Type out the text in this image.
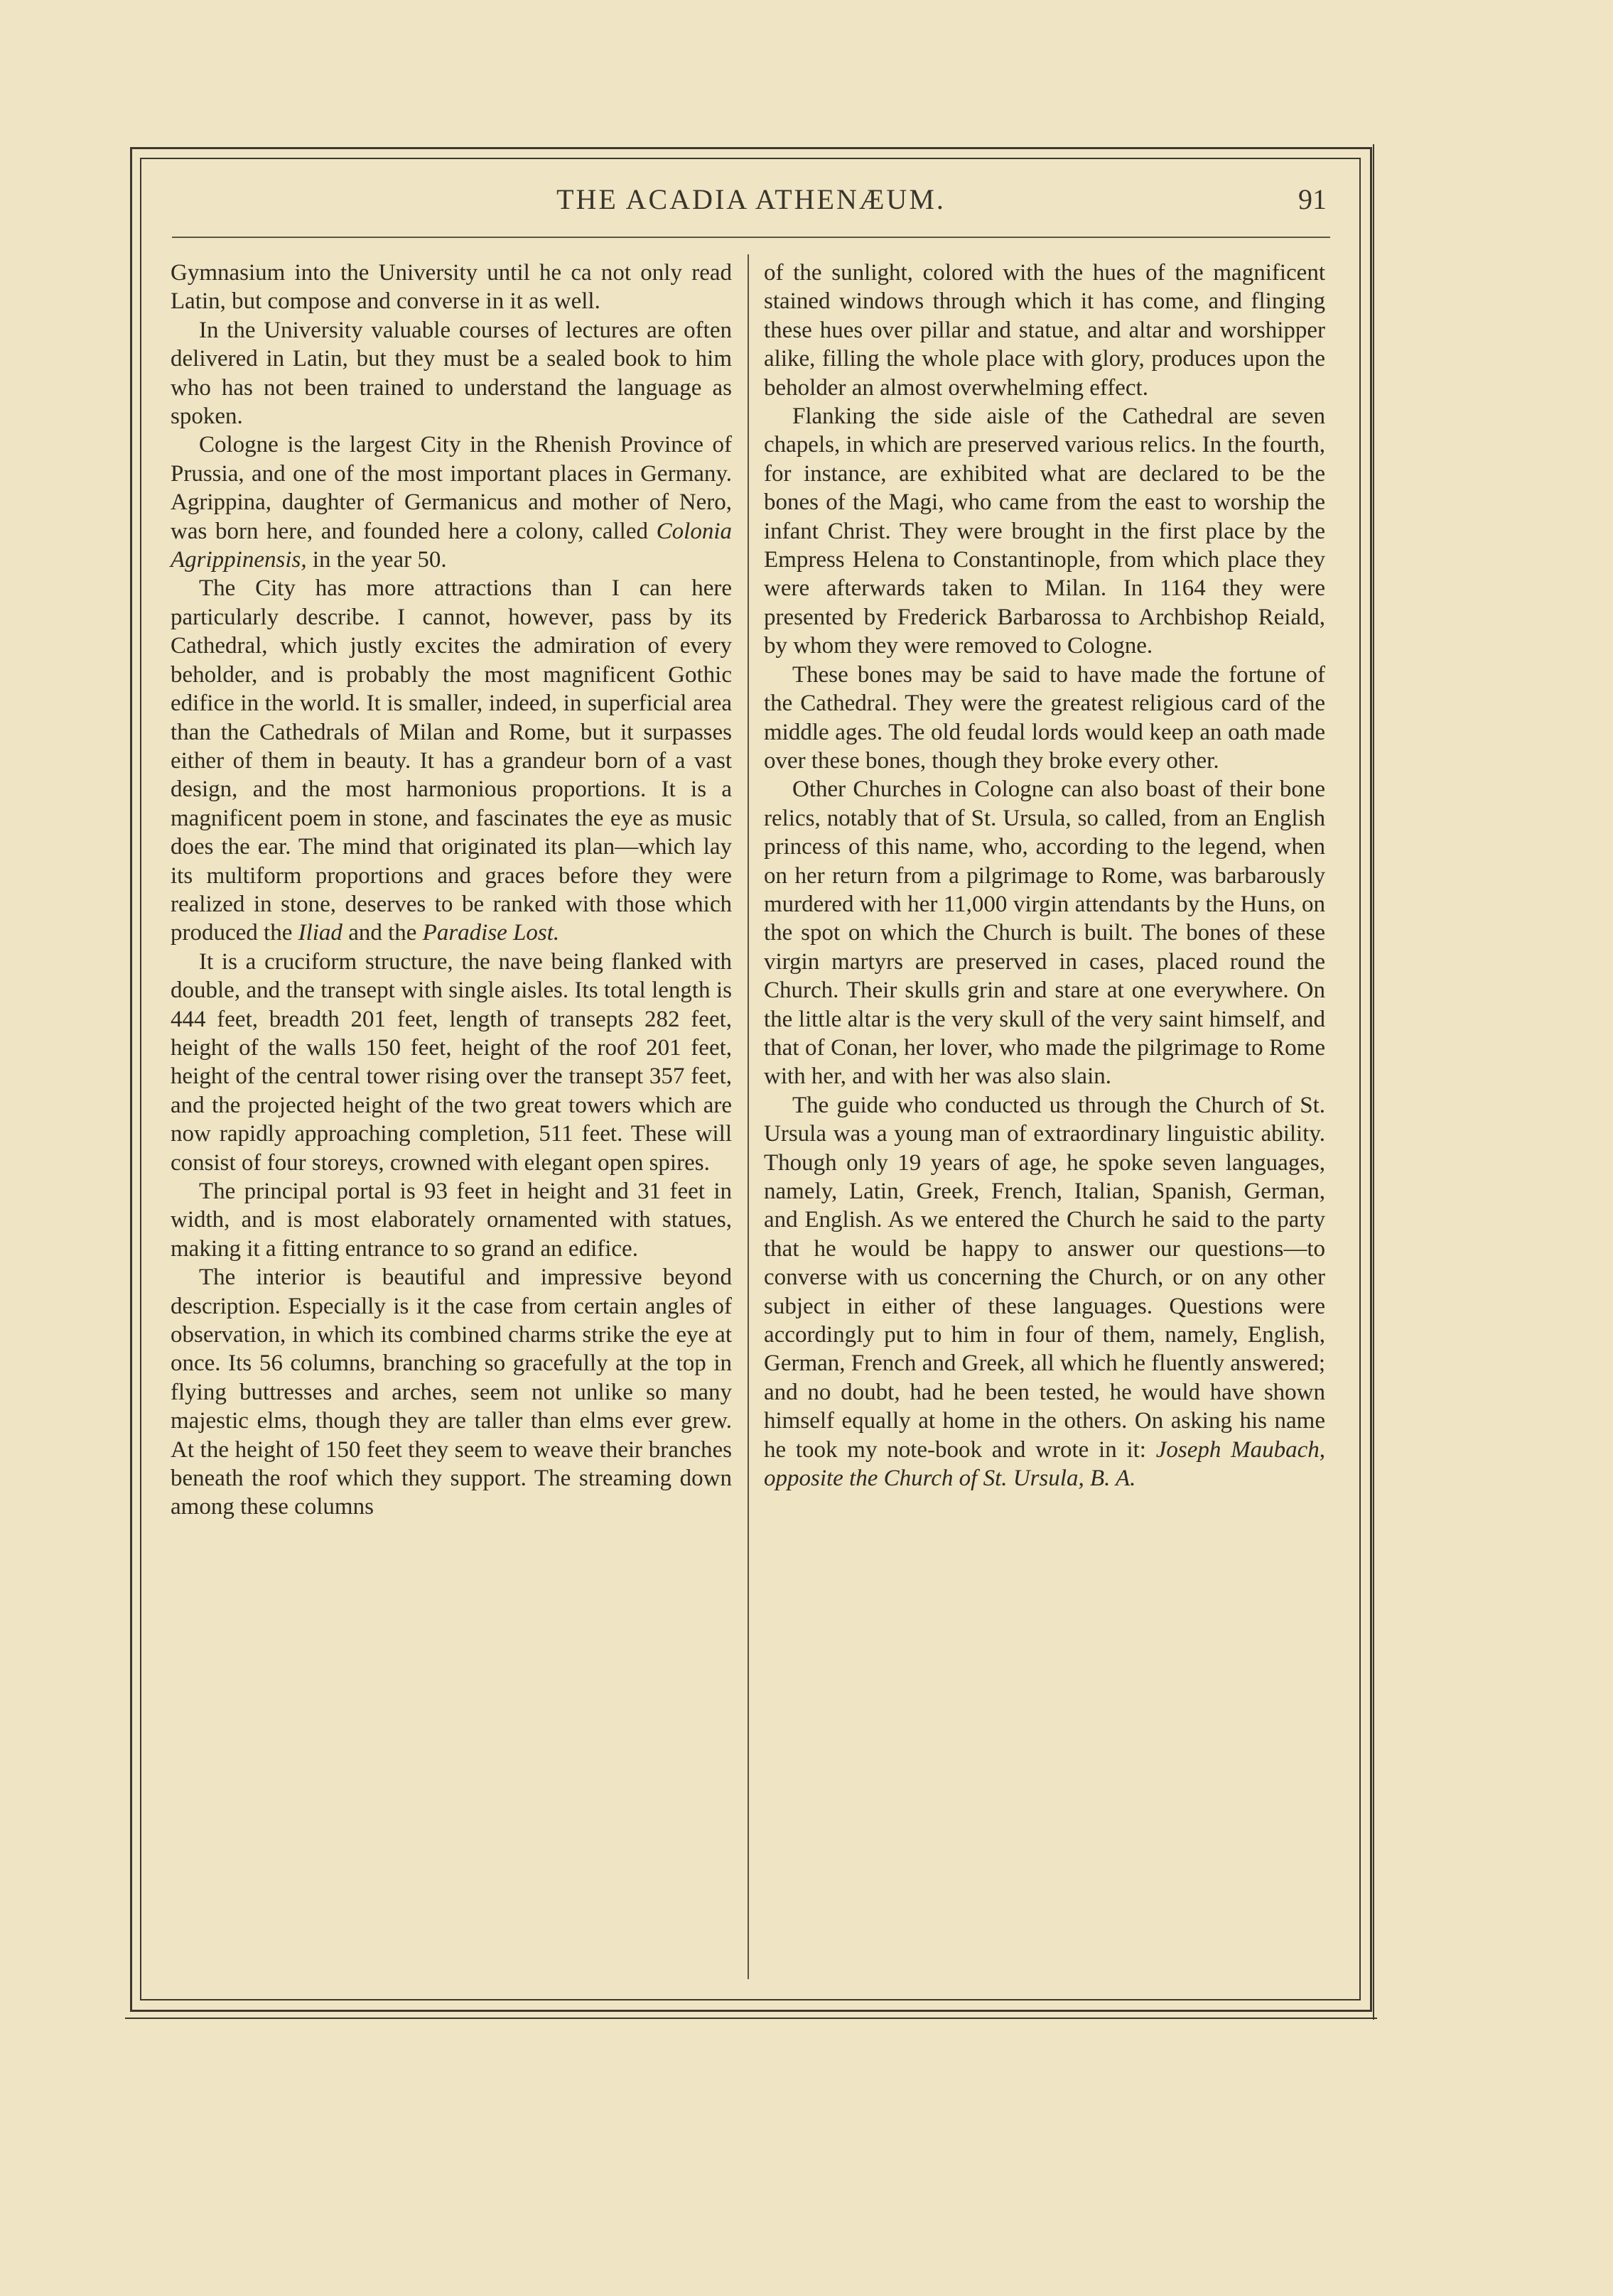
THE ACADIA ATHENÆUM.	91

Gymnasium into the University until he ca not only read Latin, but compose and converse in it as well.

In the University valuable courses of lectures are often delivered in Latin, but they must be a sealed book to him who has not been trained to understand the language as spoken.

Cologne is the largest City in the Rhenish Province of Prussia, and one of the most important places in Germany. Agrippina, daughter of Germanicus and mother of Nero, was born here, and founded here a colony, called Colonia Agrippinensis, in the year 50.

The City has more attractions than I can here particularly describe. I cannot, however, pass by its Cathedral, which justly excites the admiration of every beholder, and is probably the most magnificent Gothic edifice in the world. It is smaller, indeed, in superficial area than the Cathedrals of Milan and Rome, but it surpasses either of them in beauty. It has a grandeur born of a vast design, and the most harmonious proportions. It is a magnificent poem in stone, and fascinates the eye as music does the ear. The mind that originated its plan—which lay its multiform proportions and graces before they were realized in stone, deserves to be ranked with those which produced the Iliad and the Paradise Lost.

It is a cruciform structure, the nave being flanked with double, and the transept with single aisles. Its total length is 444 feet, breadth 201 feet, length of transepts 282 feet, height of the walls 150 feet, height of the roof 201 feet, height of the central tower rising over the transept 357 feet, and the projected height of the two great towers which are now rapidly approaching completion, 511 feet. These will consist of four storeys, crowned with elegant open spires.

The principal portal is 93 feet in height and 31 feet in width, and is most elaborately ornamented with statues, making it a fitting entrance to so grand an edifice.

The interior is beautiful and impressive beyond description. Especially is it the case from certain angles of observation, in which its combined charms strike the eye at once. Its 56 columns, branching so gracefully at the top in flying buttresses and arches, seem not unlike so many majestic elms, though they are taller than elms ever grew. At the height of 150 feet they seem to weave their branches beneath the roof which they support. The streaming down among these columns

of the sunlight, colored with the hues of the magnificent stained windows through which it has come, and flinging these hues over pillar and statue, and altar and worshipper alike, filling the whole place with glory, produces upon the beholder an almost overwhelming effect.

Flanking the side aisle of the Cathedral are seven chapels, in which are preserved various relics. In the fourth, for instance, are exhibited what are declared to be the bones of the Magi, who came from the east to worship the infant Christ. They were brought in the first place by the Empress Helena to Constantinople, from which place they were afterwards taken to Milan. In 1164 they were presented by Frederick Barbarossa to Archbishop Reiald, by whom they were removed to Cologne.

These bones may be said to have made the fortune of the Cathedral. They were the greatest religious card of the middle ages. The old feudal lords would keep an oath made over these bones, though they broke every other.

Other Churches in Cologne can also boast of their bone relics, notably that of St. Ursula, so called, from an English princess of this name, who, according to the legend, when on her return from a pilgrimage to Rome, was barbarously murdered with her 11,000 virgin attendants by the Huns, on the spot on which the Church is built. The bones of these virgin martyrs are preserved in cases, placed round the Church. Their skulls grin and stare at one everywhere. On the little altar is the very skull of the very saint himself, and that of Conan, her lover, who made the pilgrimage to Rome with her, and with her was also slain.

The guide who conducted us through the Church of St. Ursula was a young man of extraordinary linguistic ability. Though only 19 years of age, he spoke seven languages, namely, Latin, Greek, French, Italian, Spanish, German, and English. As we entered the Church he said to the party that he would be happy to answer our questions—to converse with us concerning the Church, or on any other subject in either of these languages. Questions were accordingly put to him in four of them, namely, English, German, French and Greek, all which he fluently answered; and no doubt, had he been tested, he would have shown himself equally at home in the others. On asking his name he took my note-book and wrote in it: Joseph Maubach, opposite the Church of St. Ursula, B. A.
